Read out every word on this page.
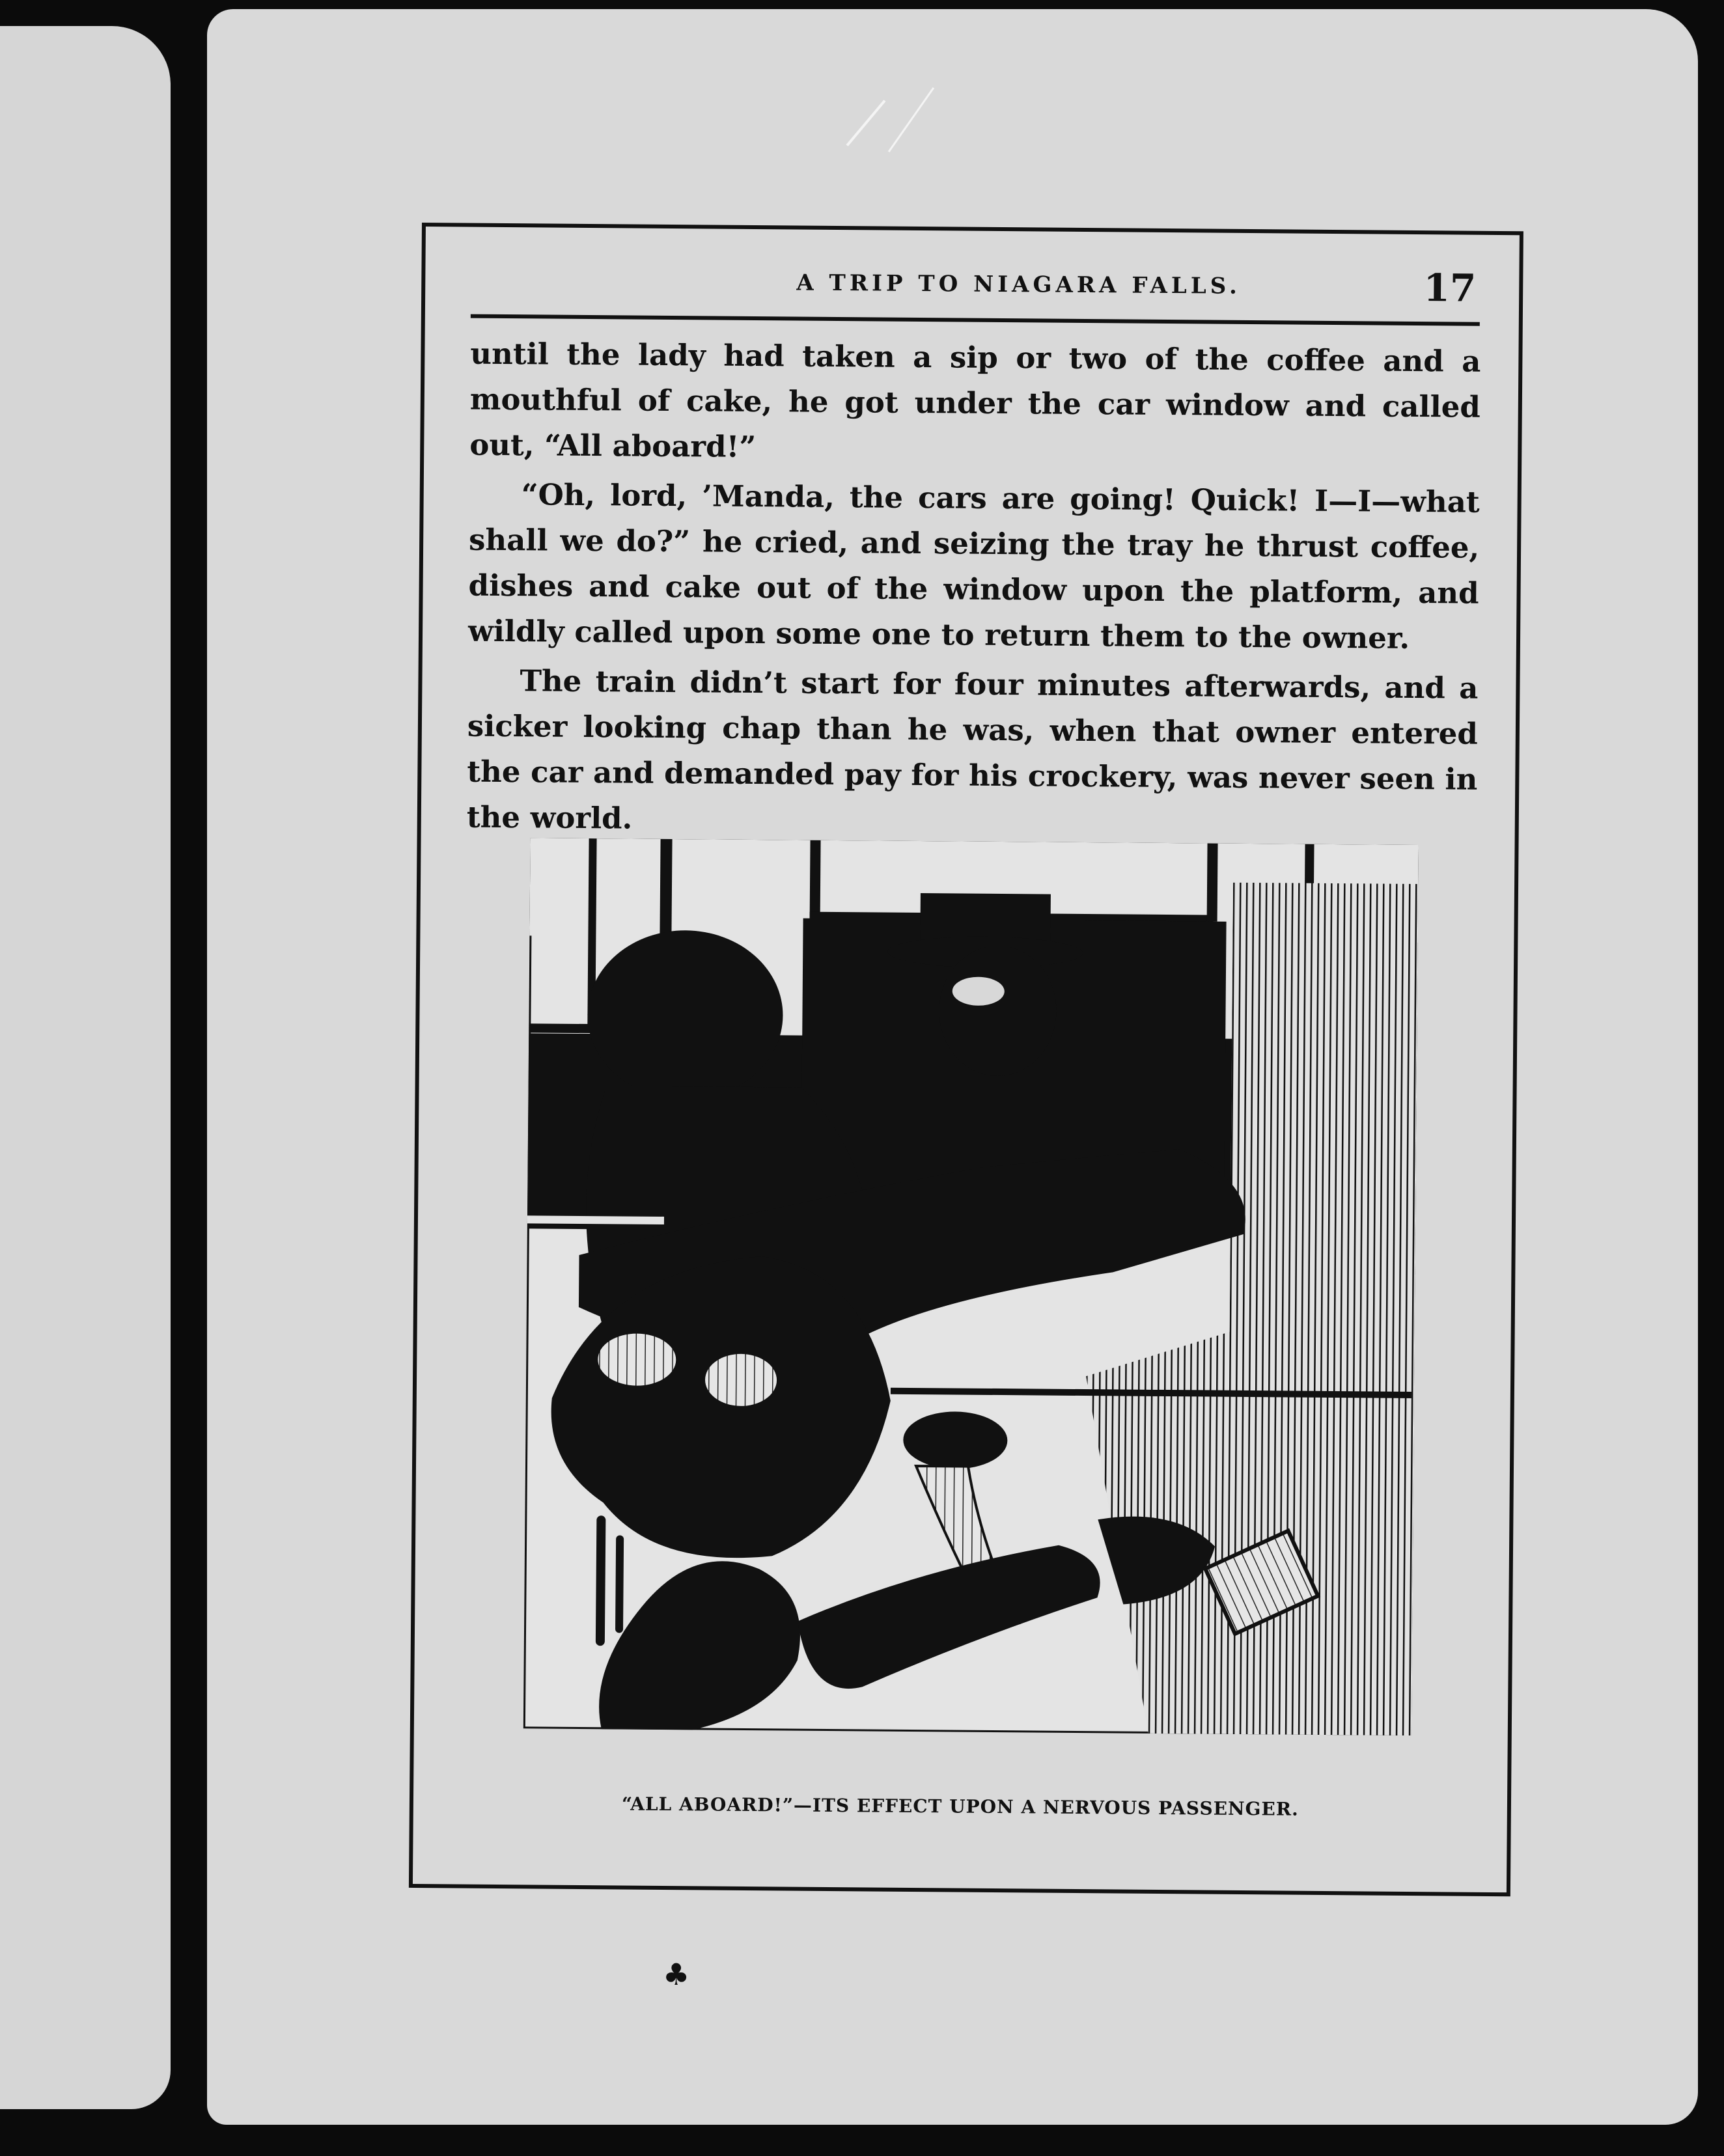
A TRIP TO NIAGARA FALLS.	17

until the lady had taken a sip or two of the coffee and a mouthful of cake, he got under the car window and called out, “All aboard!”

“Oh, lord, ’Manda, the cars are going! Quick! I—I—what shall we do?” he cried, and seizing the tray he thrust coffee, dishes and cake out of the window upon the platform, and wildly called upon some one to return them to the owner.

The train didn’t start for four minutes afterwards, and a sicker looking chap than he was, when that owner entered the car and demanded pay for his crockery, was never seen in the world.

“ALL ABOARD!”—ITS EFFECT UPON A NERVOUS PASSENGER.
♣
